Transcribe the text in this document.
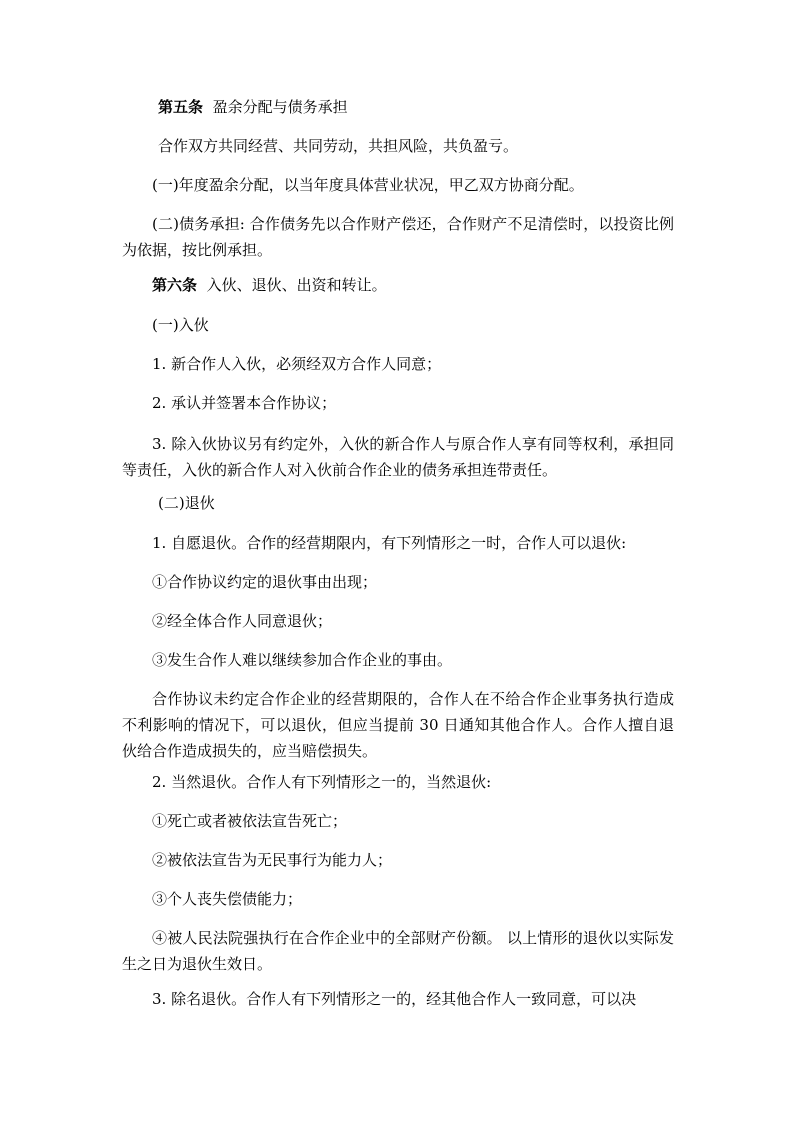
第五条 盈余分配与债务承担

合作双方共同经营、共同劳动，共担风险，共负盈亏。

(一)年度盈余分配，以当年度具体营业状况，甲乙双方协商分配。

(二)债务承担: 合作债务先以合作财产偿还，合作财产不足清偿时，以投资比例为依据，按比例承担。

第六条 入伙、退伙、出资和转让。

(一)入伙

1. 新合作人入伙，必须经双方合作人同意；

2. 承认并签署本合作协议；

3. 除入伙协议另有约定外，入伙的新合作人与原合作人享有同等权利，承担同等责任，入伙的新合作人对入伙前合作企业的债务承担连带责任。

(二)退伙

1. 自愿退伙。合作的经营期限内，有下列情形之一时，合作人可以退伙:

①合作协议约定的退伙事由出现；

②经全体合作人同意退伙；

③发生合作人难以继续参加合作企业的事由。

合作协议未约定合作企业的经营期限的，合作人在不给合作企业事务执行造成不利影响的情况下，可以退伙，但应当提前 30 日通知其他合作人。合作人擅自退伙给合作造成损失的，应当赔偿损失。

2. 当然退伙。合作人有下列情形之一的，当然退伙:

①死亡或者被依法宣告死亡；

②被依法宣告为无民事行为能力人；

③个人丧失偿债能力；

④被人民法院强执行在合作企业中的全部财产份额。 以上情形的退伙以实际发生之日为退伙生效日。

3. 除名退伙。合作人有下列情形之一的，经其他合作人一致同意，可以决
